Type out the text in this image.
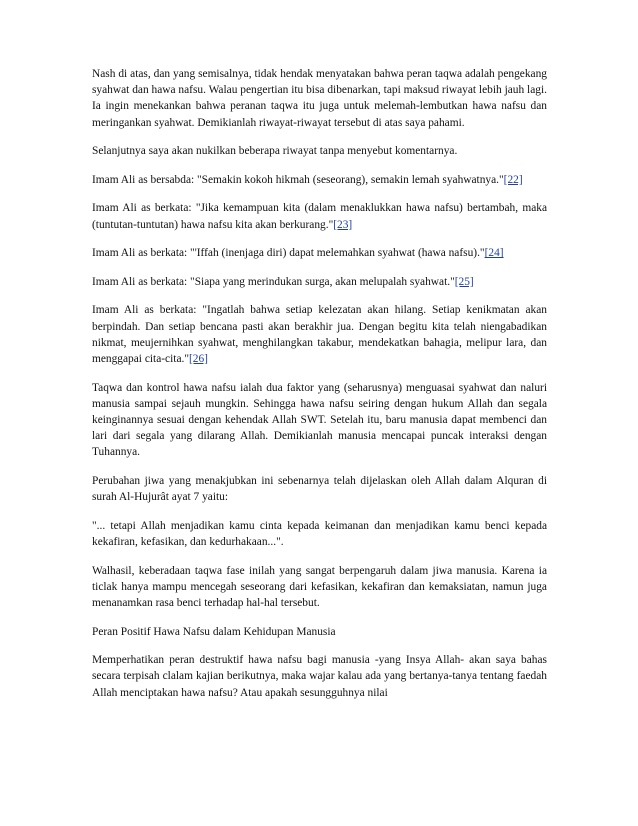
Nash di atas, dan yang semisalnya, tidak hendak menyatakan bahwa peran taqwa adalah pengekang syahwat dan hawa nafsu. Walau pengertian itu bisa dibenarkan, tapi maksud riwayat lebih jauh lagi. Ia ingin menekankan bahwa peranan taqwa itu juga untuk melemah-lembutkan hawa nafsu dan meringankan syahwat. Demikianlah riwayat-riwayat tersebut di atas saya pahami.

Selanjutnya saya akan nukilkan beberapa riwayat tanpa menyebut komentarnya.

Imam Ali as bersabda: "Semakin kokoh hikmah (seseorang), semakin lemah syahwatnya."[22]

Imam Ali as berkata: "Jika kemampuan kita (dalam menaklukkan hawa nafsu) bertambah, maka (tuntutan-tuntutan) hawa nafsu kita akan berkurang."[23]

Imam Ali as berkata: "'Iffah (inenjaga diri) dapat melemahkan syahwat (hawa nafsu)."[24]

Imam Ali as berkata: "Siapa yang merindukan surga, akan melupalah syahwat."[25]

Imam Ali as berkata: "Ingatlah bahwa setiap kelezatan akan hilang. Setiap kenikmatan akan berpindah. Dan setiap bencana pasti akan berakhir jua. Dengan begitu kita telah niengabadikan nikmat, meujernihkan syahwat, menghilangkan takabur, mendekatkan bahagia, melipur lara, dan menggapai cita-cita."[26]

Taqwa dan kontrol hawa nafsu ialah dua faktor yang (seharusnya) menguasai syahwat dan naluri manusia sampai sejauh mungkin. Sehingga hawa nafsu seiring dengan hukum Allah dan segala keinginannya sesuai dengan kehendak Allah SWT. Setelah itu, baru manusia dapat membenci dan lari dari segala yang dilarang Allah. Demikianlah manusia mencapai puncak interaksi dengan Tuhannya.

Perubahan jiwa yang menakjubkan ini sebenarnya telah dijelaskan oleh Allah dalam Alquran di surah Al-Hujurât ayat 7 yaitu:

"... tetapi Allah menjadikan kamu cinta kepada keimanan dan menjadikan kamu benci kepada kekafiran, kefasikan, dan kedurhakaan...".

Walhasil, keberadaan taqwa fase inilah yang sangat berpengaruh dalam jiwa manusia. Karena ia ticlak hanya mampu mencegah seseorang dari kefasikan, kekafiran dan kemaksiatan, namun juga menanamkan rasa benci terhadap hal-hal tersebut.

Peran Positif Hawa Nafsu dalam Kehidupan Manusia

Memperhatikan peran destruktif hawa nafsu bagi manusia -yang Insya Allah- akan saya bahas secara terpisah clalam kajian berikutnya, maka wajar kalau ada yang bertanya-tanya tentang faedah Allah menciptakan hawa nafsu? Atau apakah sesungguhnya nilai
